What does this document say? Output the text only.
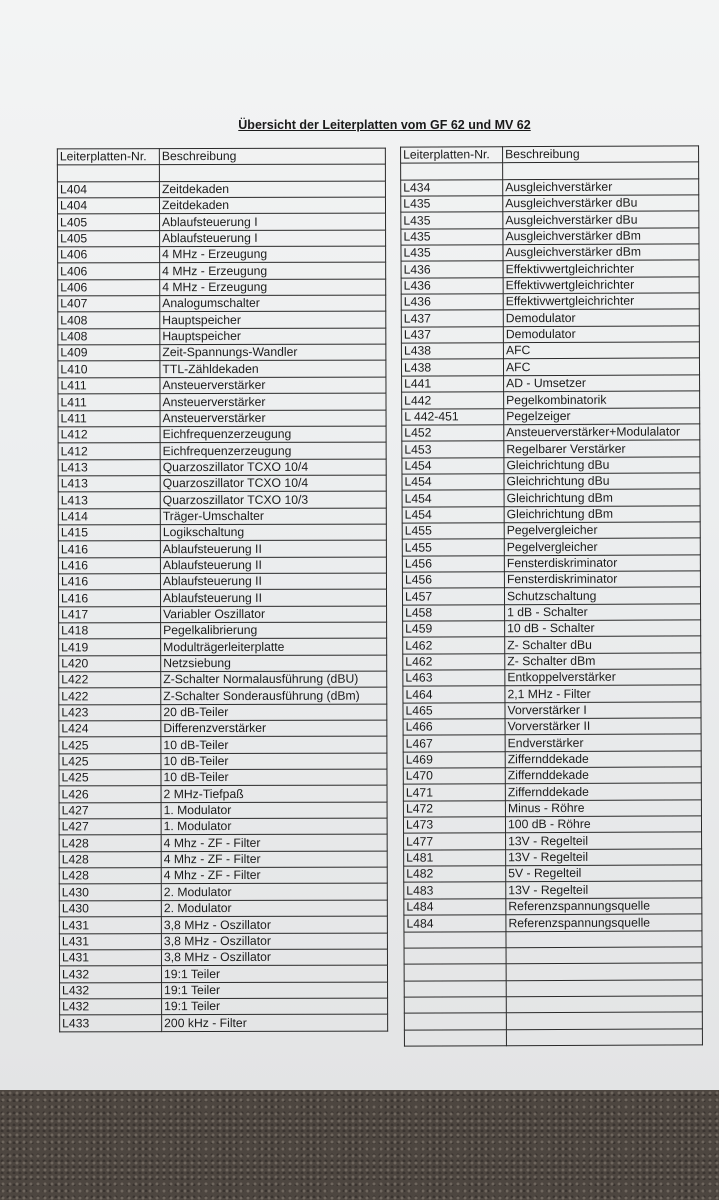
Übersicht der Leiterplatten vom GF 62 und MV 62
Leiterplatten-Nr.	Beschreibung

L404	Zeitdekaden
L404	Zeitdekaden
L405	Ablaufsteuerung I
L405	Ablaufsteuerung I
L406	4 MHz - Erzeugung
L406	4 MHz - Erzeugung
L406	4 MHz - Erzeugung
L407	Analogumschalter
L408	Hauptspeicher
L408	Hauptspeicher
L409	Zeit-Spannungs-Wandler
L410	TTL-Zähldekaden
L411	Ansteuerverstärker
L411	Ansteuerverstärker
L411	Ansteuerverstärker
L412	Eichfrequenzerzeugung
L412	Eichfrequenzerzeugung
L413	Quarzoszillator TCXO 10/4
L413	Quarzoszillator TCXO 10/4
L413	Quarzoszillator TCXO 10/3
L414	Träger-Umschalter
L415	Logikschaltung
L416	Ablaufsteuerung II
L416	Ablaufsteuerung II
L416	Ablaufsteuerung II
L416	Ablaufsteuerung II
L417	Variabler Oszillator
L418	Pegelkalibrierung
L419	Modulträgerleiterplatte
L420	Netzsiebung
L422	Z-Schalter Normalausführung (dBU)
L422	Z-Schalter Sonderausführung (dBm)
L423	20 dB-Teiler
L424	Differenzverstärker
L425	10 dB-Teiler
L425	10 dB-Teiler
L425	10 dB-Teiler
L426	2 MHz-Tiefpaß
L427	1. Modulator
L427	1. Modulator
L428	4 Mhz - ZF - Filter
L428	4 Mhz - ZF - Filter
L428	4 Mhz - ZF - Filter
L430	2. Modulator
L430	2. Modulator
L431	3,8 MHz - Oszillator
L431	3,8 MHz - Oszillator
L431	3,8 MHz - Oszillator
L432	19:1 Teiler
L432	19:1 Teiler
L432	19:1 Teiler
L433	200 kHz - Filter
Leiterplatten-Nr.	Beschreibung

L434	Ausgleichverstärker
L435	Ausgleichverstärker dBu
L435	Ausgleichverstärker dBu
L435	Ausgleichverstärker dBm
L435	Ausgleichverstärker dBm
L436	Effektivwertgleichrichter
L436	Effektivwertgleichrichter
L436	Effektivwertgleichrichter
L437	Demodulator
L437	Demodulator
L438	AFC
L438	AFC
L441	AD - Umsetzer
L442	Pegelkombinatorik
L 442-451	Pegelzeiger
L452	Ansteuerverstärker+Modulalator
L453	Regelbarer Verstärker
L454	Gleichrichtung dBu
L454	Gleichrichtung dBu
L454	Gleichrichtung dBm
L454	Gleichrichtung dBm
L455	Pegelvergleicher
L455	Pegelvergleicher
L456	Fensterdiskriminator
L456	Fensterdiskriminator
L457	Schutzschaltung
L458	1 dB - Schalter
L459	10 dB - Schalter
L462	Z- Schalter dBu
L462	Z- Schalter dBm
L463	Entkoppelverstärker
L464	2,1 MHz - Filter
L465	Vorverstärker I
L466	Vorverstärker II
L467	Endverstärker
L469	Ziffernddekade
L470	Ziffernddekade
L471	Ziffernddekade
L472	Minus - Röhre
L473	100 dB - Röhre
L477	13V - Regelteil
L481	13V - Regelteil
L482	5V - Regelteil
L483	13V - Regelteil
L484	Referenzspannungsquelle
L484	Referenzspannungsquelle
